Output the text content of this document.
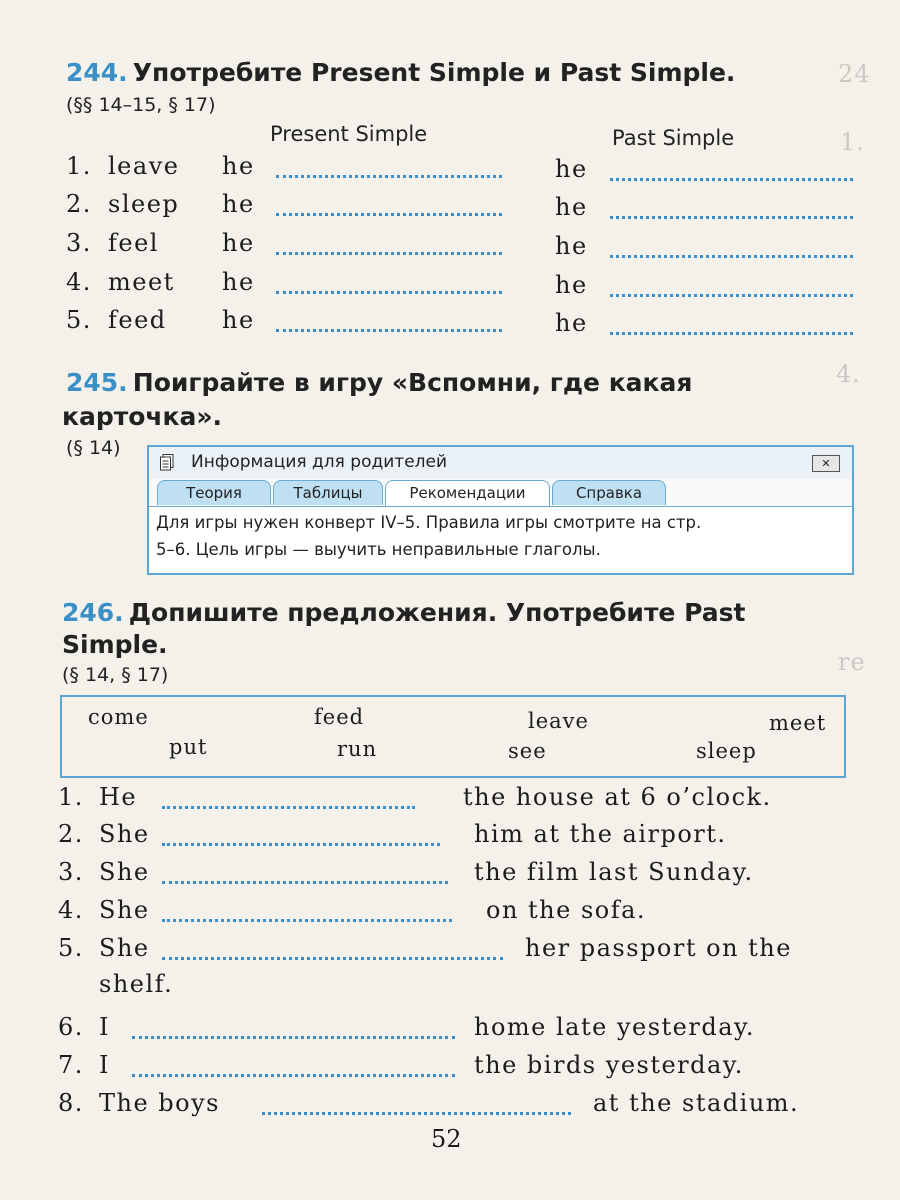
24
1.
4.
re
244. Употребите Present Simple и Past Simple.
(§§ 14–15, § 17)
Present Simple	Past Simple
1. leave he	he
2. sleep he	he
3. feel	he	he
4. meet he	he
5. feed he	he
245. Поиграйте в игру «Вспомни, где какая
карточка».
(§ 14)
Информация для родителей	✕
Теория	Таблицы	Рекомендации	Справка
Для игры нужен конверт IV–5. Правила игры смотрите на стр.
5–6. Цель игры — выучить неправильные глаголы.
246. Допишите предложения. Употребите Past
Simple.
(§ 14, § 17)
come	feed	leave	meet
put	run	see	sleep
1. He	the house at 6 o’clock.
2. She	him at the airport.
3. She	the film last Sunday.
4. She	on the sofa.
5. She	her passport on the
shelf.
6. I	home late yesterday.
7. I	the birds yesterday.
8. The boys	at the stadium.
52
